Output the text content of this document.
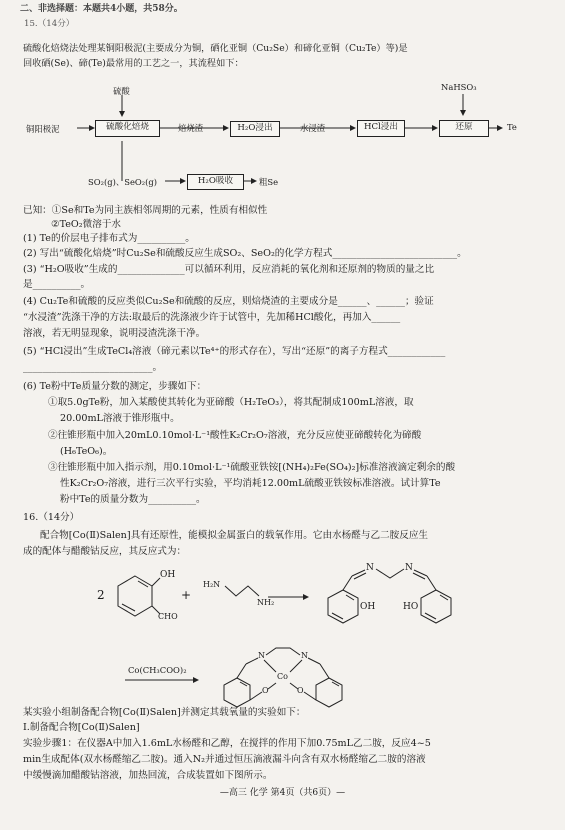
二、非选择题：本题共4小题，共58分。
15.（14分）
硫酸化焙烧法处理某铜阳极泥(主要成分为铜，硒化亚铜（Cu₂Se）和碲化亚铜（Cu₂Te）等)是
回收硒(Se)、碲(Te)最常用的工艺之一，其流程如下：
硫酸	NaHSO₃
铜阳极泥	硫酸化焙烧	焙烧渣	H₂O浸出	水浸渣	HCl浸出	还原	Te
SO₂(g)、SeO₂(g)	H₂O吸收	粗Se
已知：①Se和Te为同主族相邻周期的元素，性质有相似性
②TeO₂微溶于水
(1) Te的价层电子排布式为__________。
(2) 写出“硫酸化焙烧”时Cu₂Se和硫酸反应生成SO₂、SeO₂的化学方程式__________________________。
(3) “H₂O吸收”生成的______________可以循环利用，反应消耗的氧化剂和还原剂的物质的量之比
是__________。
(4) Cu₂Te和硫酸的反应类似Cu₂Se和硫酸的反应，则焙烧渣的主要成分是______、______；验证
“水浸渣”洗涤干净的方法:取最后的洗涤液少许于试管中，先加稀HCl酸化，再加入______
溶液，若无明显现象，说明浸渣洗涤干净。
(5) “HCl浸出”生成TeCl₄溶液（碲元素以Te⁴⁺的形式存在），写出“还原”的离子方程式____________
___________________________。
(6) Te粉中Te质量分数的测定，步骤如下：
①取5.0gTe粉，加入某酸使其转化为亚碲酸（H₂TeO₃），将其配制成100mL溶液，取
20.00mL溶液于锥形瓶中。
②往锥形瓶中加入20mL0.10mol·L⁻¹酸性K₂Cr₂O₇溶液，充分反应使亚碲酸转化为碲酸
(H₆TeO₆)。
③往锥形瓶中加入指示剂，用0.10mol·L⁻¹硫酸亚铁铵[(NH₄)₂Fe(SO₄)₂]标准溶液滴定剩余的酸
性K₂Cr₂O₇溶液，进行三次平行实验，平均消耗12.00mL硫酸亚铁铵标准溶液。试计算Te
粉中Te的质量分数为__________。
16.（14分）
配合物[Co(Ⅱ)Salen]具有还原性，能模拟金属蛋白的载氧作用。它由水杨醛与乙二胺反应生
成的配体与醋酸钴反应，其反应式为：
2
OH
CHO
+
H₂N
NH₂
N	N
OH	HO
Co(CH₃COO)₂
N	N
Co
O	O
某实验小组制备配合物[Co(Ⅱ)Salen]并测定其载氧量的实验如下：
Ⅰ.制备配合物[Co(Ⅱ)Salen]
实验步骤1：在仪器A中加入1.6mL水杨醛和乙醇，在搅拌的作用下加0.75mL乙二胺，反应4~5
min生成配体(双水杨醛缩乙二胺)。通入N₂并通过恒压滴液漏斗向含有双水杨醛缩乙二胺的溶液
中缓慢滴加醋酸钴溶液，加热回流，合成装置如下图所示。
—高三 化学 第4页（共6页）—
